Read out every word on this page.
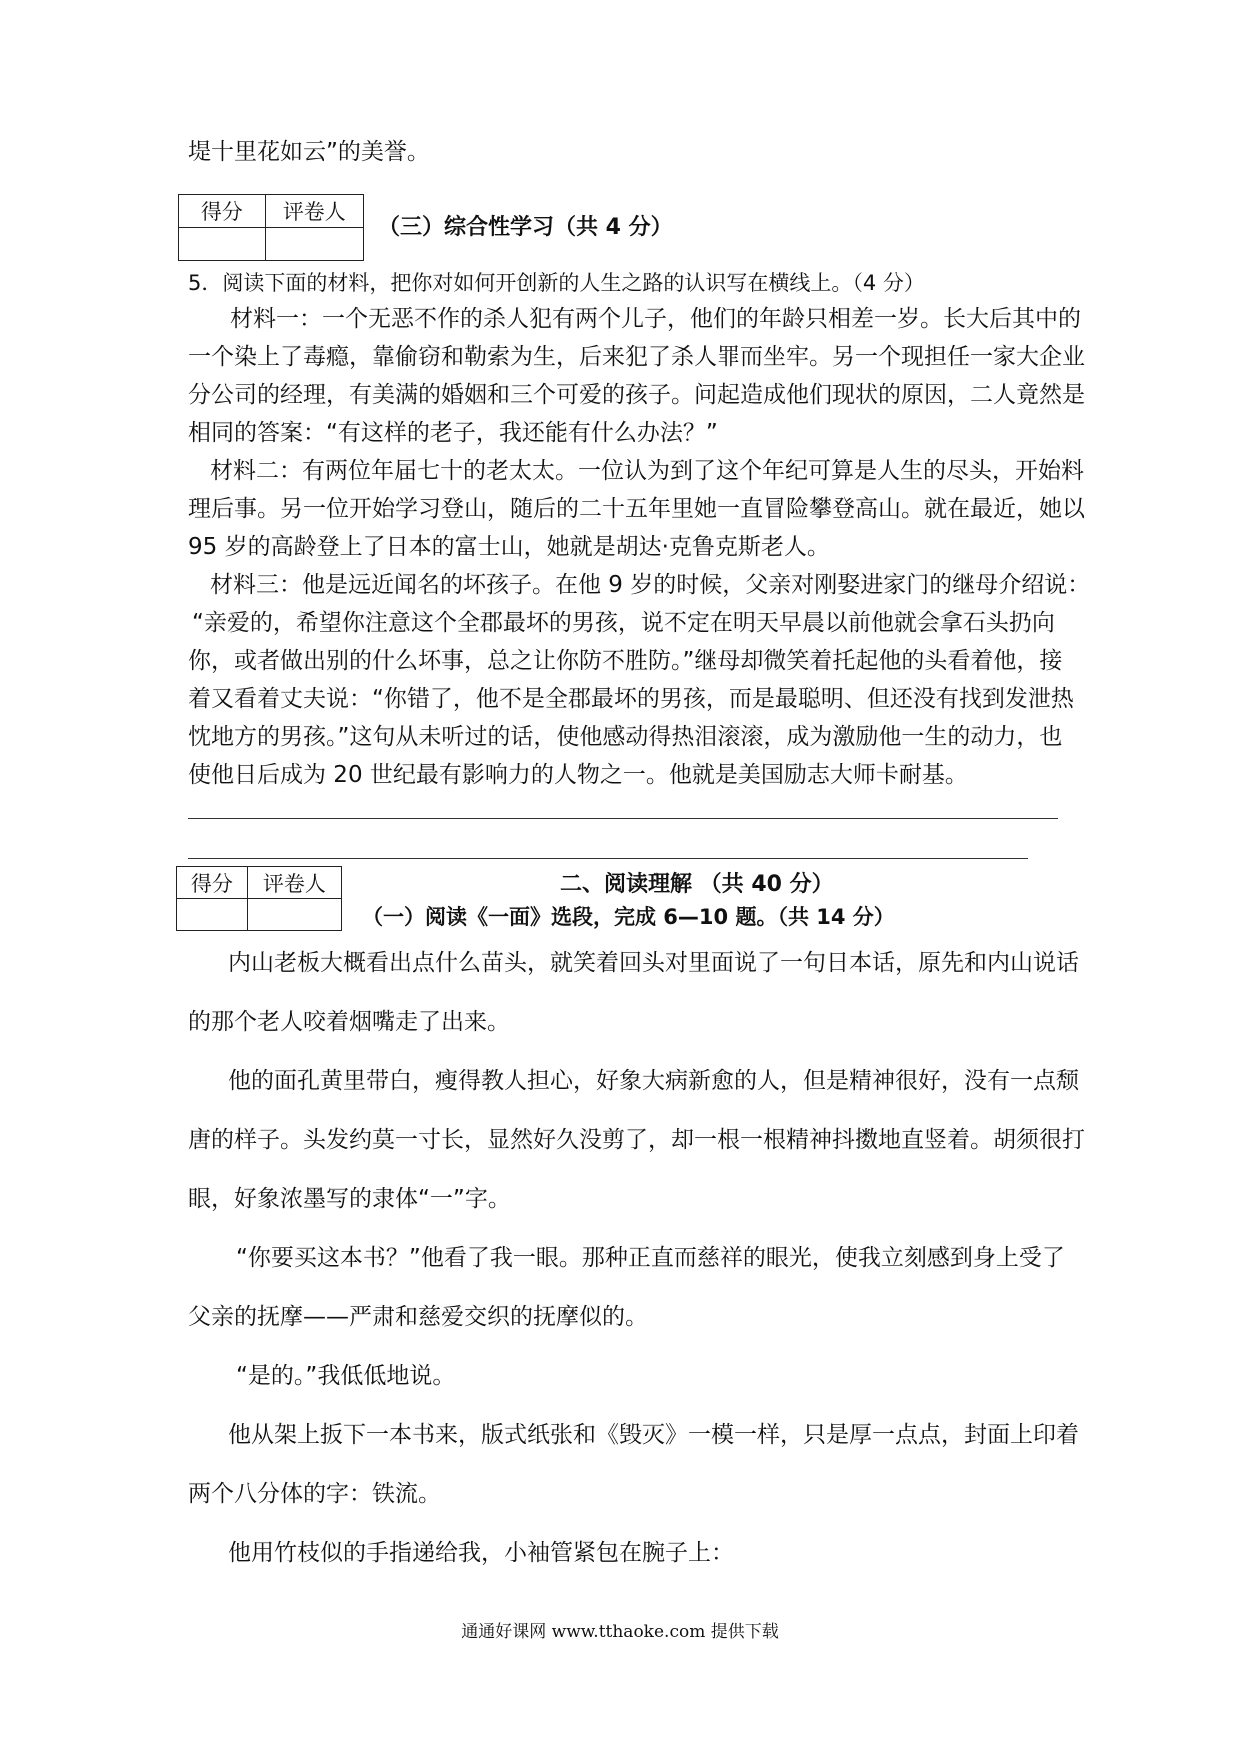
堤十里花如云”的美誉。
得分	评卷人

（三）综合性学习（共 4 分）
5．阅读下面的材料，把你对如何开创新的人生之路的认识写在横线上。（4 分）
材料一：一个无恶不作的杀人犯有两个儿子，他们的年龄只相差一岁。长大后其中的
一个染上了毒瘾，靠偷窃和勒索为生，后来犯了杀人罪而坐牢。另一个现担任一家大企业
分公司的经理，有美满的婚姻和三个可爱的孩子。问起造成他们现状的原因，二人竟然是
相同的答案：“有这样的老子，我还能有什么办法？”
材料二：有两位年届七十的老太太。一位认为到了这个年纪可算是人生的尽头，开始料
理后事。另一位开始学习登山，随后的二十五年里她一直冒险攀登高山。就在最近，她以
95 岁的高龄登上了日本的富士山，她就是胡达·克鲁克斯老人。
材料三：他是远近闻名的坏孩子。在他 9 岁的时候，父亲对刚娶进家门的继母介绍说：
“亲爱的，希望你注意这个全郡最坏的男孩，说不定在明天早晨以前他就会拿石头扔向
你，或者做出别的什么坏事，总之让你防不胜防。”继母却微笑着托起他的头看着他，接
着又看着丈夫说：“你错了，他不是全郡最坏的男孩，而是最聪明、但还没有找到发泄热
忱地方的男孩。”这句从未听过的话，使他感动得热泪滚滚，成为激励他一生的动力，也
使他日后成为 20 世纪最有影响力的人物之一。他就是美国励志大师卡耐基。
得分	评卷人
		二、阅读理解 （共 40 分）
（一）阅读《一面》选段，完成 6—10 题。（共 14 分）
内山老板大概看出点什么苗头，就笑着回头对里面说了一句日本话，原先和内山说话
的那个老人咬着烟嘴走了出来。
他的面孔黄里带白，瘦得教人担心，好象大病新愈的人，但是精神很好，没有一点颓
唐的样子。头发约莫一寸长，显然好久没剪了，却一根一根精神抖擞地直竖着。胡须很打
眼，好象浓墨写的隶体“一”字。
“你要买这本书？”他看了我一眼。那种正直而慈祥的眼光，使我立刻感到身上受了
父亲的抚摩——严肃和慈爱交织的抚摩似的。
“是的。”我低低地说。
他从架上扳下一本书来，版式纸张和《毁灭》一模一样，只是厚一点点，封面上印着
两个八分体的字：铁流。
他用竹枝似的手指递给我，小袖管紧包在腕子上：
通通好课网 www.tthaoke.com 提供下载
